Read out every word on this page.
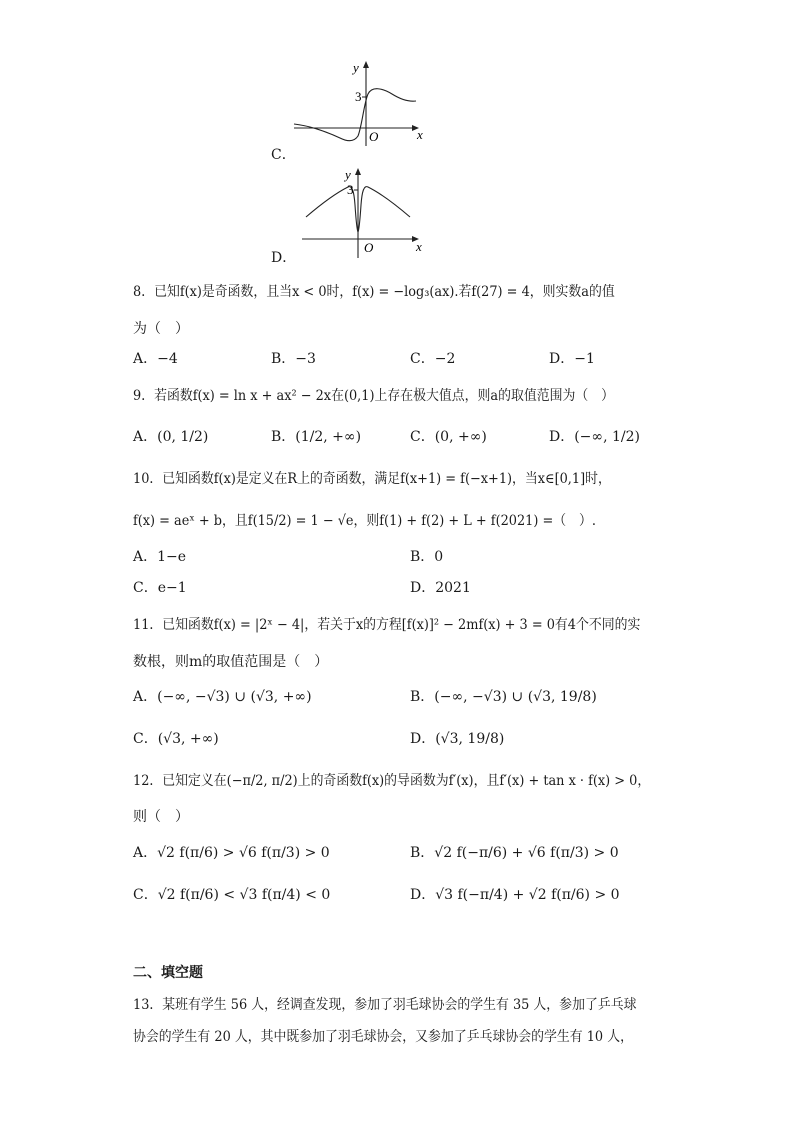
C．
y
x
O
3
D．
y
x
O
3
8．已知f(x)是奇函数，且当x < 0时，f(x) = −log₃(ax).若f(27) = 4，则实数a的值
为（　）
A．−4	B．−3	C．−2	D．−1
9．若函数f(x) = ln x + ax² − 2x在(0,1)上存在极大值点，则a的取值范围为（　）
A．(0, 1/2)	B．(1/2, +∞)	C．(0, +∞)	D．(−∞, 1/2)
10．已知函数f(x)是定义在R上的奇函数，满足f(x+1) = f(−x+1)，当x∈[0,1]时，
f(x) = aeˣ + b，且f(15/2) = 1 − √e，则f(1) + f(2) + L + f(2021) =（　）.
A．1−e	B．0
C．e−1	D．2021
11．已知函数f(x) = |2ˣ − 4|，若关于x的方程[f(x)]² − 2mf(x) + 3 = 0有4个不同的实
数根，则m的取值范围是（　）
A．(−∞, −√3) ∪ (√3, +∞)	B．(−∞, −√3) ∪ (√3, 19/8)
C．(√3, +∞)	D．(√3, 19/8)
12．已知定义在(−π/2, π/2)上的奇函数f(x)的导函数为f′(x)，且f′(x) + tan x · f(x) > 0，
则（　）
A．√2 f(π/6) > √6 f(π/3) > 0	B．√2 f(−π/6) + √6 f(π/3) > 0
C．√2 f(π/6) < √3 f(π/4) < 0	D．√3 f(−π/4) + √2 f(π/6) > 0
二、填空题
13．某班有学生 56 人，经调查发现，参加了羽毛球协会的学生有 35 人，参加了乒乓球
协会的学生有 20 人，其中既参加了羽毛球协会，又参加了乒乓球协会的学生有 10 人，
